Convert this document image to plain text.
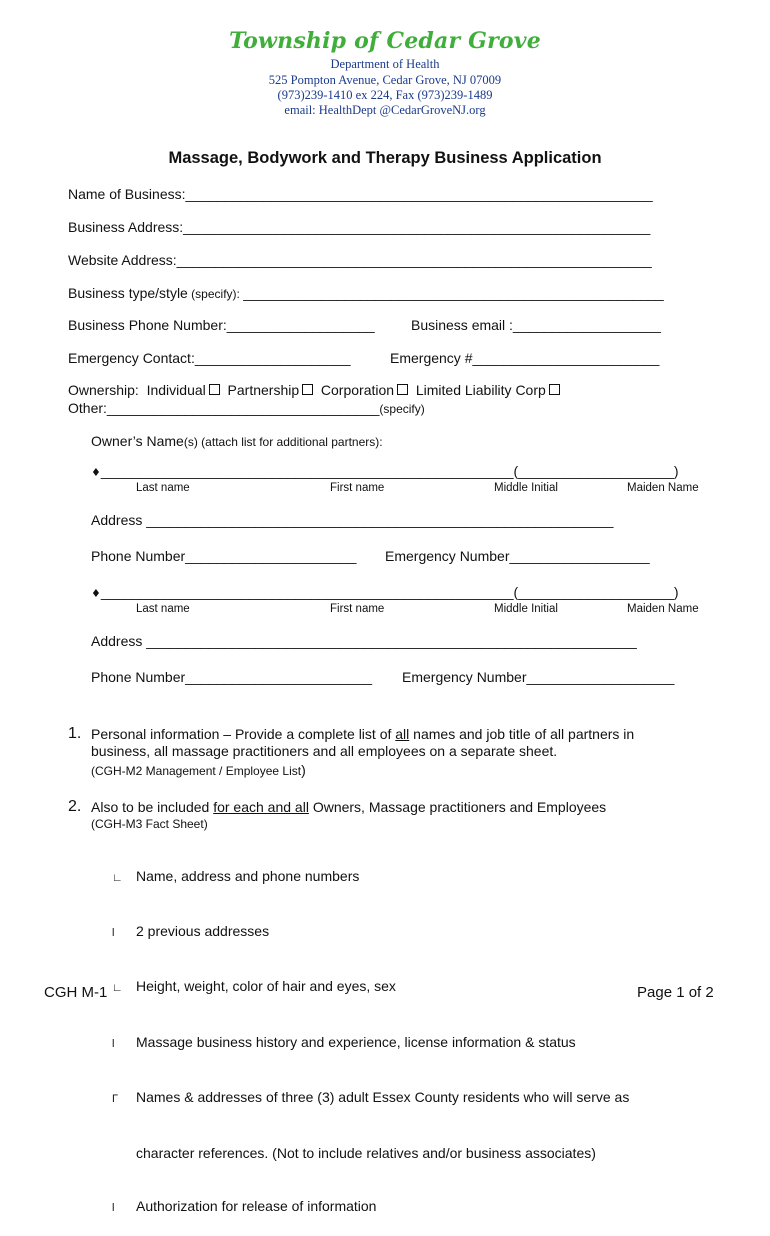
Township of Cedar Grove
Department of Health
525 Pompton Avenue, Cedar Grove, NJ 07009
(973)239-1410 ex 224, Fax (973)239-1489
email: HealthDept @CedarGroveNJ.org
Massage, Bodywork and Therapy Business Application
Name of Business:____________________________________________________________
Business Address:____________________________________________________________
Website Address:_____________________________________________________________
Business type/style (specify): ______________________________________________________
Business Phone Number:___________________	Business email :___________________
Emergency Contact:____________________	Emergency #________________________
Ownership:  Individual Partnership Corporation Limited Liability Corp
Other:___________________________________(specify)
Owner’s Name(s) (attach list for additional partners):
♦_____________________________________________________(____________________)
Last name	First name	Middle Initial	Maiden Name
Address ____________________________________________________________
Phone Number______________________ Emergency Number__________________
♦_____________________________________________________(____________________)
Last name	First name	Middle Initial	Maiden Name
Address _______________________________________________________________
Phone Number________________________ Emergency Number___________________
1. Personal information – Provide a complete list of all names and job title of all partners in
business, all massage practitioners and all employees on a separate sheet.
(CGH-M2 Management / Employee List)
2. Also to be included for each and all Owners, Massage practitioners and Employees
(CGH-M3 Fact Sheet)

∟ Name, address and phone numbers

l 2 previous addresses

∟ Height, weight, color of hair and eyes, sex

l Massage business history and experience, license information & status

Γ Names & addresses of three (3) adult Essex County residents who will serve as

character references. (Not to include relatives and/or business associates)

l Authorization for release of information

CGH M-1	Page 1 of 2
